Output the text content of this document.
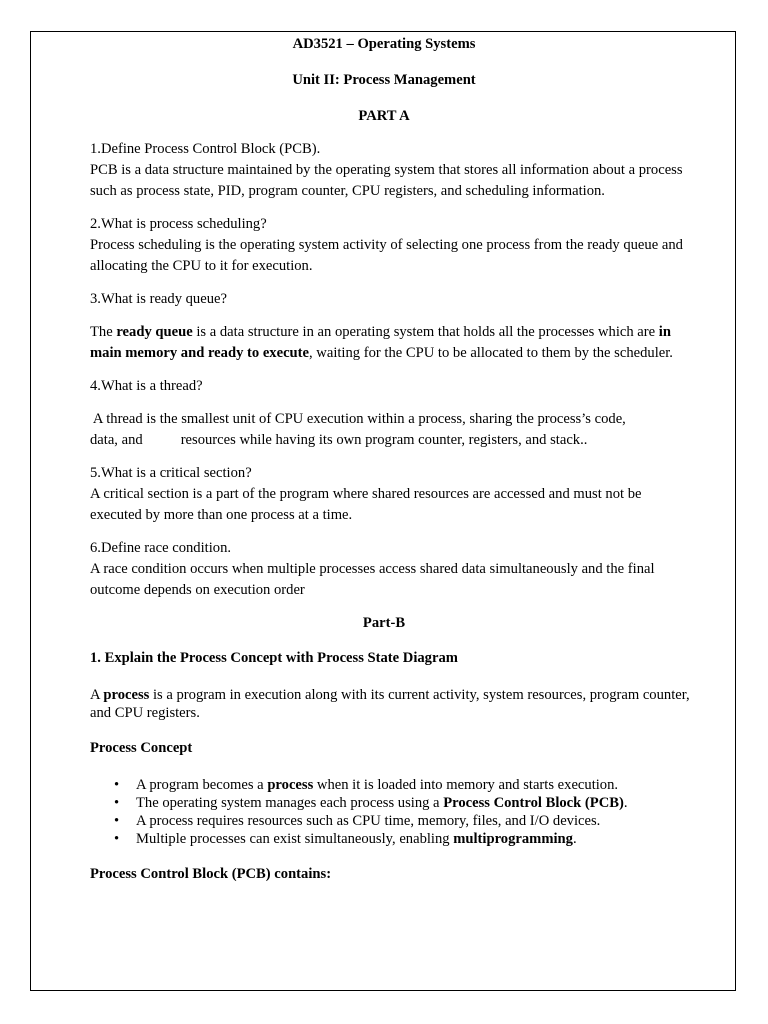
AD3521 – Operating Systems
Unit II: Process Management
PART A
1.Define Process Control Block (PCB).
PCB is a data structure maintained by the operating system that stores all information about a process such as process state, PID, program counter, CPU registers, and scheduling information.
2.What is process scheduling?
Process scheduling is the operating system activity of selecting one process from the ready queue and allocating the CPU to it for execution.
3.What is ready queue?
The ready queue is a data structure in an operating system that holds all the processes which are in main memory and ready to execute, waiting for the CPU to be allocated to them by the scheduler.
4.What is a thread?
A thread is the smallest unit of CPU execution within a process, sharing the process’s code,
data, and	resources while having its own program counter, registers, and stack..
5.What is a critical section?
A critical section is a part of the program where shared resources are accessed and must not be executed by more than one process at a time.
6.Define race condition.
A race condition occurs when multiple processes access shared data simultaneously and the final outcome depends on execution order
Part-B
1. Explain the Process Concept with Process State Diagram
A process is a program in execution along with its current activity, system resources, program counter, and CPU registers.
Process Concept
• A program becomes a process when it is loaded into memory and starts execution.
• The operating system manages each process using a Process Control Block (PCB).
• A process requires resources such as CPU time, memory, files, and I/O devices.
• Multiple processes can exist simultaneously, enabling multiprogramming.
Process Control Block (PCB) contains:
